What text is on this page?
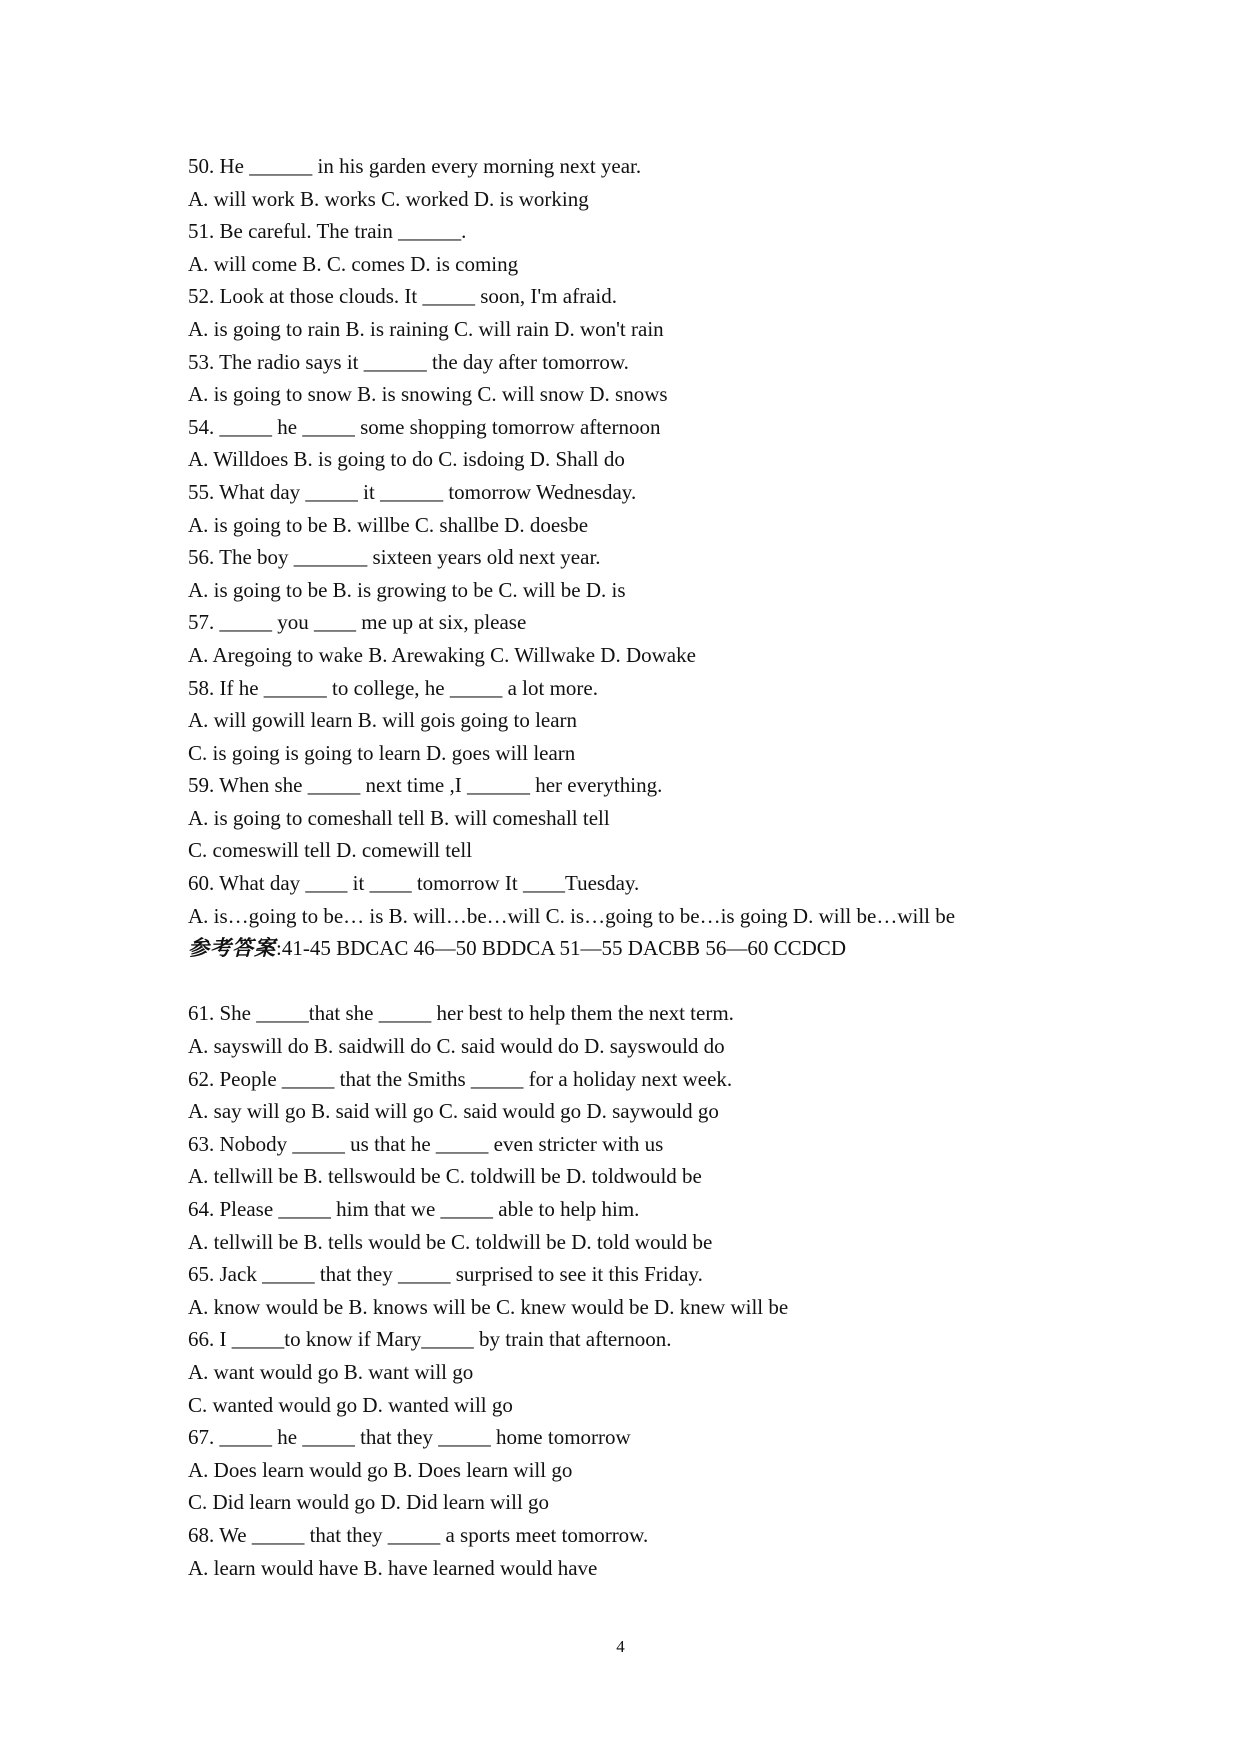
50. He ______ in his garden every morning next year.
A. will work B. works C. worked D. is working
51. Be careful. The train ______.
A. will come B. C. comes D. is coming
52. Look at those clouds. It _____ soon, I'm afraid.
A. is going to rain B. is raining C. will rain D. won't rain
53. The radio says it ______ the day after tomorrow.
A. is going to snow B. is snowing C. will snow D. snows
54. _____ he _____ some shopping tomorrow afternoon
A. Willdoes B. is going to do C. isdoing D. Shall do
55. What day _____ it ______ tomorrow Wednesday.
A. is going to be B. willbe C. shallbe D. doesbe
56. The boy _______ sixteen years old next year.
A. is going to be B. is growing to be C. will be D. is
57. _____ you ____ me up at six, please
A. Aregoing to wake B. Arewaking C. Willwake D. Dowake
58. If he ______ to college, he _____ a lot more.
A. will gowill learn B. will gois going to learn
C. is going is going to learn D. goes will learn
59. When she _____ next time ,I ______ her everything.
A. is going to comeshall tell B. will comeshall tell
C. comeswill tell D. comewill tell
60. What day ____ it ____ tomorrow It ____Tuesday.
A. is…going to be… is B. will…be…will C. is…going to be…is going D. will be…will be
参考答案:41-45 BDCAC 46—50 BDDCA 51—55 DACBB 56—60 CCDCD
61. She _____that she _____ her best to help them the next term.
A. sayswill do B. saidwill do C. said would do D. sayswould do
62. People _____ that the Smiths _____ for a holiday next week.
A. say will go B. said will go C. said would go D. saywould go
63. Nobody _____ us that he _____ even stricter with us
A. tellwill be B. tellswould be C. toldwill be D. toldwould be
64. Please _____ him that we _____ able to help him.
A. tellwill be B. tells would be C. toldwill be D. told would be
65. Jack _____ that they _____ surprised to see it this Friday.
A. know would be B. knows will be C. knew would be D. knew will be
66. I _____to know if Mary_____ by train that afternoon.
A. want would go B. want will go
C. wanted would go D. wanted will go
67. _____ he _____ that they _____ home tomorrow
A. Does learn would go B. Does learn will go
C. Did learn would go D. Did learn will go
68. We _____ that they _____ a sports meet tomorrow.
A. learn would have B. have learned would have
4
